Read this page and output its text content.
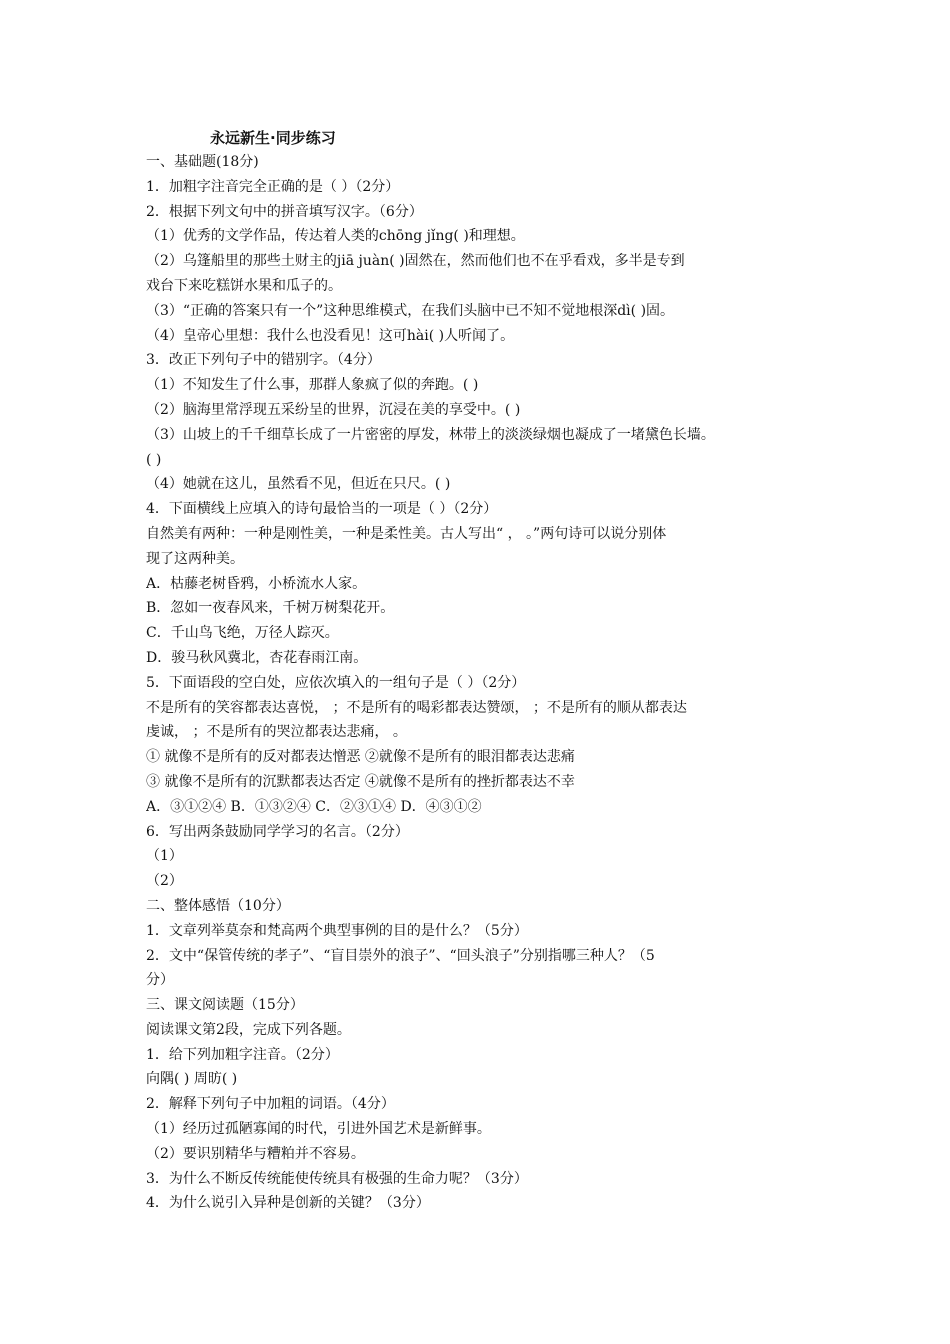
永远新生·同步练习
一、基础题(18分)
1．加粗字注音完全正确的是（ ）（2分）
2．根据下列文句中的拼音填写汉字。（6分）
（1）优秀的文学作品，传达着人类的chōng jǐng( )和理想。
（2）乌篷船里的那些土财主的jiā juàn( )固然在，然而他们也不在乎看戏，多半是专到
戏台下来吃糕饼水果和瓜子的。
（3）“正确的答案只有一个”这种思维模式，在我们头脑中已不知不觉地根深dì( )固。
（4）皇帝心里想：我什么也没看见！这可hài( )人听闻了。
3．改正下列句子中的错别字。（4分）
（1）不知发生了什么事，那群人象疯了似的奔跑。( )
（2）脑海里常浮现五采纷呈的世界，沉浸在美的享受中。( )
（3）山坡上的千千细草长成了一片密密的厚发，林带上的淡淡绿烟也凝成了一堵黛色长墙。
( )
（4）她就在这儿，虽然看不见，但近在只尺。( )
4．下面横线上应填入的诗句最恰当的一项是（ ）（2分）
自然美有两种：一种是刚性美，一种是柔性美。古人写出“ ， 。”两句诗可以说分别体
现了这两种美。
A．枯藤老树昏鸦，小桥流水人家。
B．忽如一夜春风来，千树万树梨花开。
C．千山鸟飞绝，万径人踪灭。
D．骏马秋风冀北，杏花春雨江南。
5．下面语段的空白处，应依次填入的一组句子是（ ）（2分）
不是所有的笑容都表达喜悦， ；不是所有的喝彩都表达赞颂， ；不是所有的顺从都表达
虔诚， ；不是所有的哭泣都表达悲痛， 。
① 就像不是所有的反对都表达憎恶 ②就像不是所有的眼泪都表达悲痛
③ 就像不是所有的沉默都表达否定 ④就像不是所有的挫折都表达不幸
A．③①②④ B．①③②④ C．②③①④ D．④③①②
6．写出两条鼓励同学学习的名言。（2分）
（1）
（2）
二、整体感悟（10分）
1．文章列举莫奈和梵高两个典型事例的目的是什么？（5分）
2．文中“保管传统的孝子”、“盲目崇外的浪子”、“回头浪子”分别指哪三种人？（5
分）
三、课文阅读题（15分）
阅读课文第2段，完成下列各题。
1．给下列加粗字注音。（2分）
向隅( ) 周昉( )
2．解释下列句子中加粗的词语。（4分）
（1）经历过孤陋寡闻的时代，引进外国艺术是新鲜事。
（2）要识别精华与糟粕并不容易。
3．为什么不断反传统能使传统具有极强的生命力呢？（3分）
4．为什么说引入异种是创新的关键？（3分）
